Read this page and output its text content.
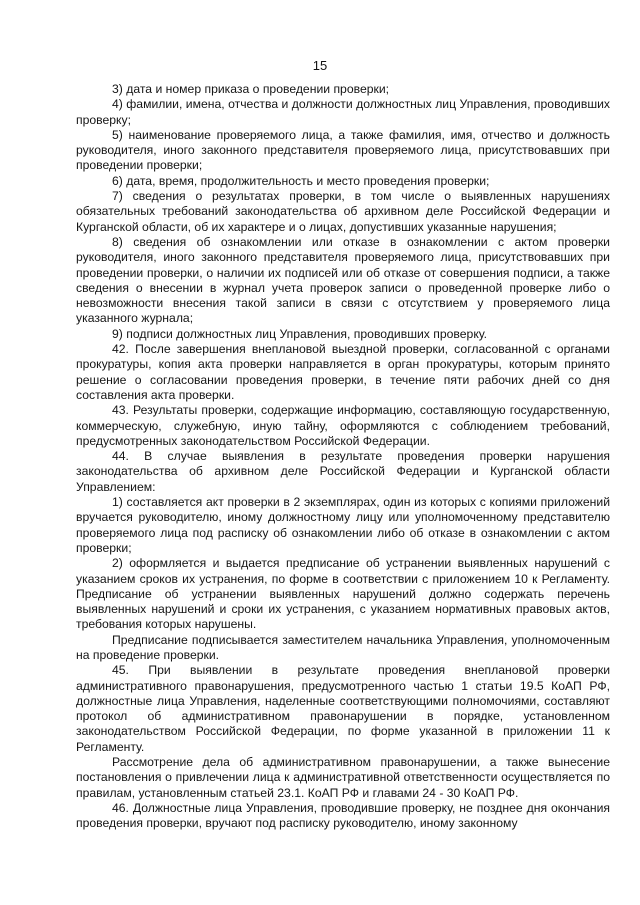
15

3) дата и номер приказа о проведении проверки;

4) фамилии, имена, отчества и должности должностных лиц Управления, проводивших проверку;

5) наименование проверяемого лица, а также фамилия, имя, отчество и должность руководителя, иного законного представителя проверяемого лица, присутствовавших при проведении проверки;

6) дата, время, продолжительность и место проведения проверки;

7) сведения о результатах проверки, в том числе о выявленных нарушениях обязательных требований законодательства об архивном деле Российской Федерации и Курганской области, об их характере и о лицах, допустивших указанные нарушения;

8) сведения об ознакомлении или отказе в ознакомлении с актом проверки руководителя, иного законного представителя проверяемого лица, присутствовавших при проведении проверки, о наличии их подписей или об отказе от совершения подписи, а также сведения о внесении в журнал учета проверок записи о проведенной проверке либо о невозможности внесения такой записи в связи с отсутствием у проверяемого лица указанного журнала;

9) подписи должностных лиц Управления, проводивших проверку.

42. После завершения внеплановой выездной проверки, согласованной с органами прокуратуры, копия акта проверки направляется в орган прокуратуры, которым принято решение о согласовании проведения проверки, в течение пяти рабочих дней со дня составления акта проверки.

43. Результаты проверки, содержащие информацию, составляющую государственную, коммерческую, служебную, иную тайну, оформляются с соблюдением требований, предусмотренных законодательством Российской Федерации.

44. В случае выявления в результате проведения проверки нарушения законодательства об архивном деле Российской Федерации и Курганской области Управлением:

1) составляется акт проверки в 2 экземплярах, один из которых с копиями приложений вручается руководителю, иному должностному лицу или уполномоченному представителю проверяемого лица под расписку об ознакомлении либо об отказе в ознакомлении с актом проверки;

2) оформляется и выдается предписание об устранении выявленных нарушений с указанием сроков их устранения, по форме в соответствии с приложением 10 к Регламенту. Предписание об устранении выявленных нарушений должно содержать перечень выявленных нарушений и сроки их устранения, с указанием нормативных правовых актов, требования которых нарушены.

Предписание подписывается заместителем начальника Управления, уполномоченным на проведение проверки.

45. При выявлении в результате проведения внеплановой проверки административного правонарушения, предусмотренного частью 1 статьи 19.5 КоАП РФ, должностные лица Управления, наделенные соответствующими полномочиями, составляют протокол об административном правонарушении в порядке, установленном законодательством Российской Федерации, по форме указанной в приложении 11 к Регламенту.

Рассмотрение дела об административном правонарушении, а также вынесение постановления о привлечении лица к административной ответственности осуществляется по правилам, установленным статьей 23.1. КоАП РФ и главами 24 - 30 КоАП РФ.

46. Должностные лица Управления, проводившие проверку, не позднее дня окончания проведения проверки, вручают под расписку руководителю, иному законному
